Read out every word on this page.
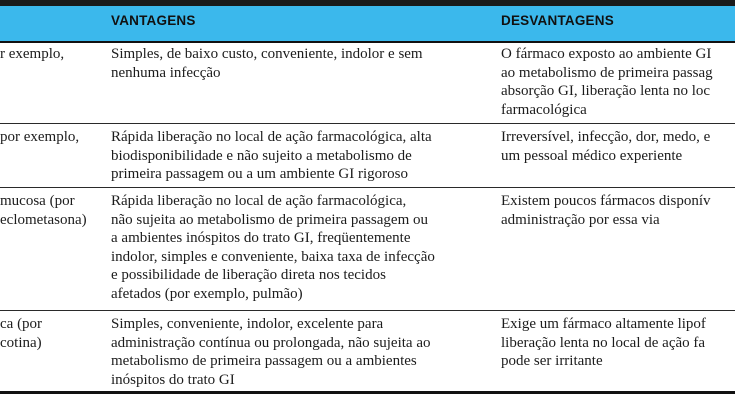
VANTAGENS	DESVANTAGENS
r exemplo,	Simples, de baixo custo, conveniente, indolor e sem
nenhuma infecção
O fármaco exposto ao ambiente GI
ao metabolismo de primeira passag
absorção GI, liberação lenta no loc
farmacológica
por exemplo, Rápida liberação no local de ação farmacológica, alta
biodisponibilidade e não sujeito a metabolismo de
primeira passagem ou a um ambiente GI rigoroso
Irreversível, infecção, dor, medo, e
um pessoal médico experiente
mucosa (por
eclometasona)
Rápida liberação no local de ação farmacológica,
não sujeita ao metabolismo de primeira passagem ou
a ambientes inóspitos do trato GI, freqüentemente
indolor, simples e conveniente, baixa taxa de infecção
e possibilidade de liberação direta nos tecidos
afetados (por exemplo, pulmão)
Existem poucos fármacos disponív
administração por essa via
ca (por
cotina)
Simples, conveniente, indolor, excelente para
administração contínua ou prolongada, não sujeita ao
metabolismo de primeira passagem ou a ambientes
inóspitos do trato GI
Exige um fármaco altamente lipof
liberação lenta no local de ação fa
pode ser irritante
